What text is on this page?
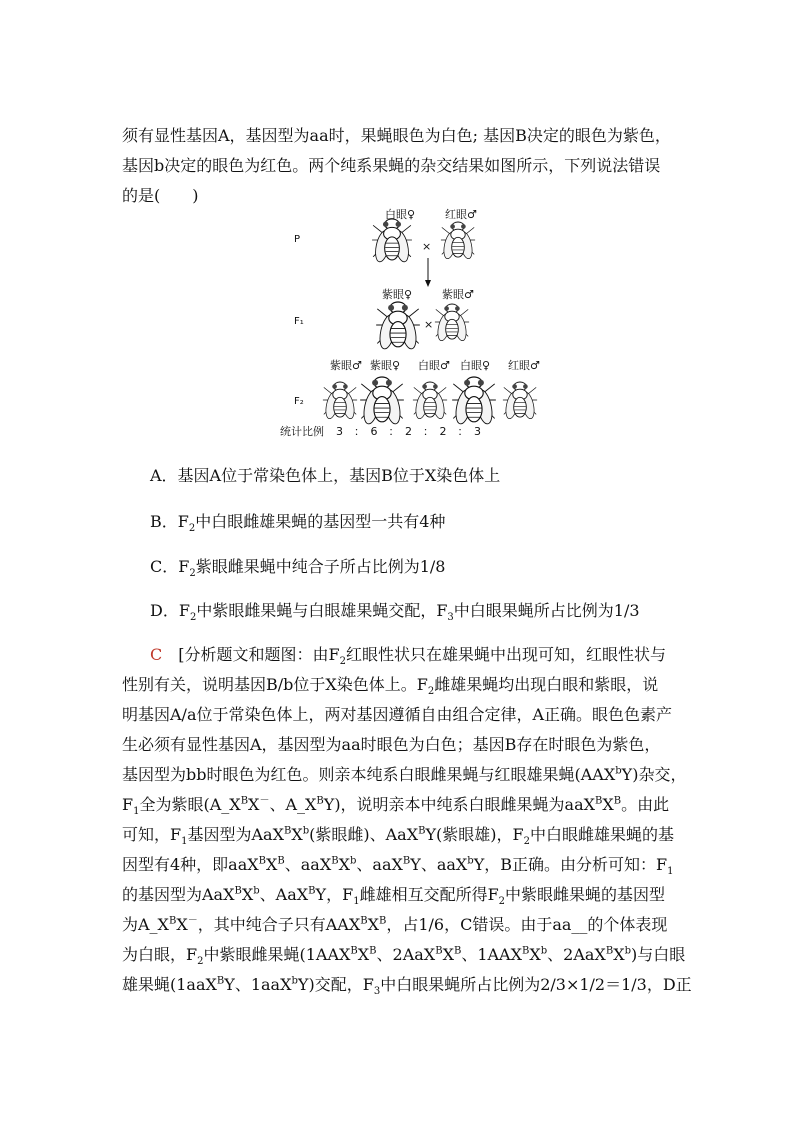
须有显性基因A，基因型为aa时，果蝇眼色为白色; 基因B决定的眼色为紫色，
基因b决定的眼色为红色。两个纯系果蝇的杂交结果如图所示，下列说法错误
的是(　　)
P
F₁
F₂
白眼♀	红眼♂
×
紫眼♀	紫眼♂
×
紫眼♂ 紫眼♀ 白眼♂ 白眼♀ 红眼♂
统计比例 3　：　6　：　2　：　2　：　3
A．基因A位于常染色体上，基因B位于X染色体上
B．$F_2$中白眼雌雄果蝇的基因型一共有4种
C．$F_2$紫眼雌果蝇中纯合子所占比例为1/8
D．$F_2$中紫眼雌果蝇与白眼雄果蝇交配，$F_3$中白眼果蝇所占比例为1/3
C　[分析题文和题图：由$F_2$红眼性状只在雄果蝇中出现可知，红眼性状与
性别有关，说明基因B/b位于X染色体上。$F_2$雌雄果蝇均出现白眼和紫眼，说
明基因A/a位于常染色体上，两对基因遵循自由组合定律，A正确。眼色色素产
生必须有显性基因A，基因型为aa时眼色为白色；基因B存在时眼色为紫色，
基因型为bb时眼色为红色。则亲本纯系白眼雌果蝇与红眼雄果蝇(AAX$^b$Y)杂交，
$F_1$全为紫眼($A\_X^BX^-$、$A\_X^BY$)，说明亲本中纯系白眼雌果蝇为$aaX^BX^B$。由此
可知，$F_1$基因型为$AaX^BX^b$(紫眼雌)、AaX$^B$Y(紫眼雄)，$F_2$中白眼雌雄果蝇的基
因型有4种，即$aaX^BX^B$、$aaX^BX^b$、aaX$^B$Y、aaX$^b$Y，B正确。由分析可知：$F_1$
的基因型为$AaX^BX^b$、AaX$^B$Y，$F_1$雌雄相互交配所得$F_2$中紫眼雌果蝇的基因型
为$A\_X^BX^-$，其中纯合子只有$AAX^BX^B$，占1/6，C错误。由于aa__的个体表现
为白眼，$F_2$中紫眼雌果蝇($1AAX^BX^B$、$2AaX^BX^B$、$1AAX^BX^b$、$2AaX^BX^b$)与白眼
雄果蝇(1aaX$^B$Y、1aaX$^b$Y)交配，$F_3$中白眼果蝇所占比例为2/3×1/2＝1/3，D正
